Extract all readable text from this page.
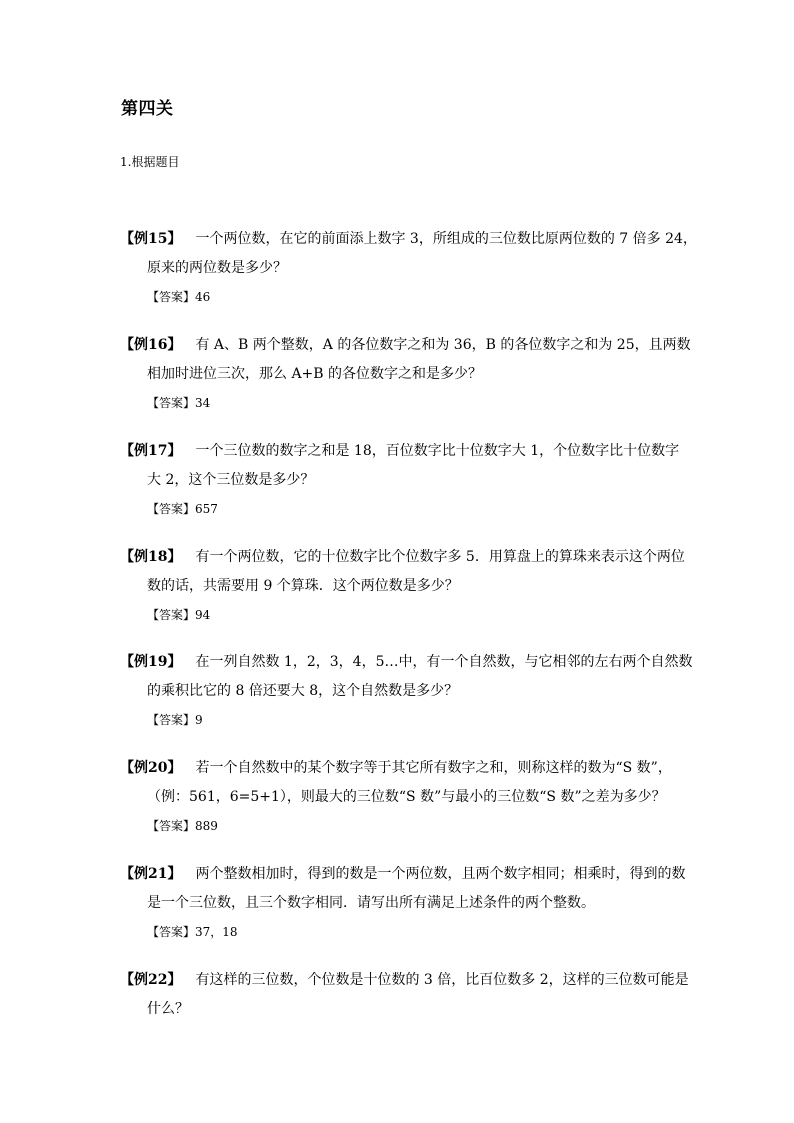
第四关
1.根据题目
【例15】 一个两位数，在它的前面添上数字 3，所组成的三位数比原两位数的 7 倍多 24，
原来的两位数是多少？
【答案】46
【例16】 有 A、B 两个整数，A 的各位数字之和为 36，B 的各位数字之和为 25，且两数
相加时进位三次，那么 A+B 的各位数字之和是多少？
【答案】34
【例17】 一个三位数的数字之和是 18，百位数字比十位数字大 1，个位数字比十位数字
大 2，这个三位数是多少？
【答案】657
【例18】 有一个两位数，它的十位数字比个位数字多 5．用算盘上的算珠来表示这个两位
数的话，共需要用 9 个算珠．这个两位数是多少？
【答案】94
【例19】 在一列自然数 1，2，3，4，5…中，有一个自然数，与它相邻的左右两个自然数
的乘积比它的 8 倍还要大 8，这个自然数是多少？
【答案】9
【例20】 若一个自然数中的某个数字等于其它所有数字之和，则称这样的数为“S 数”，
（例：561，6=5+1），则最大的三位数“S 数”与最小的三位数“S 数”之差为多少？
【答案】889
【例21】 两个整数相加时，得到的数是一个两位数，且两个数字相同；相乘时，得到的数
是一个三位数，且三个数字相同．请写出所有满足上述条件的两个整数。
【答案】37，18
【例22】 有这样的三位数，个位数是十位数的 3 倍，比百位数多 2，这样的三位数可能是
什么？
